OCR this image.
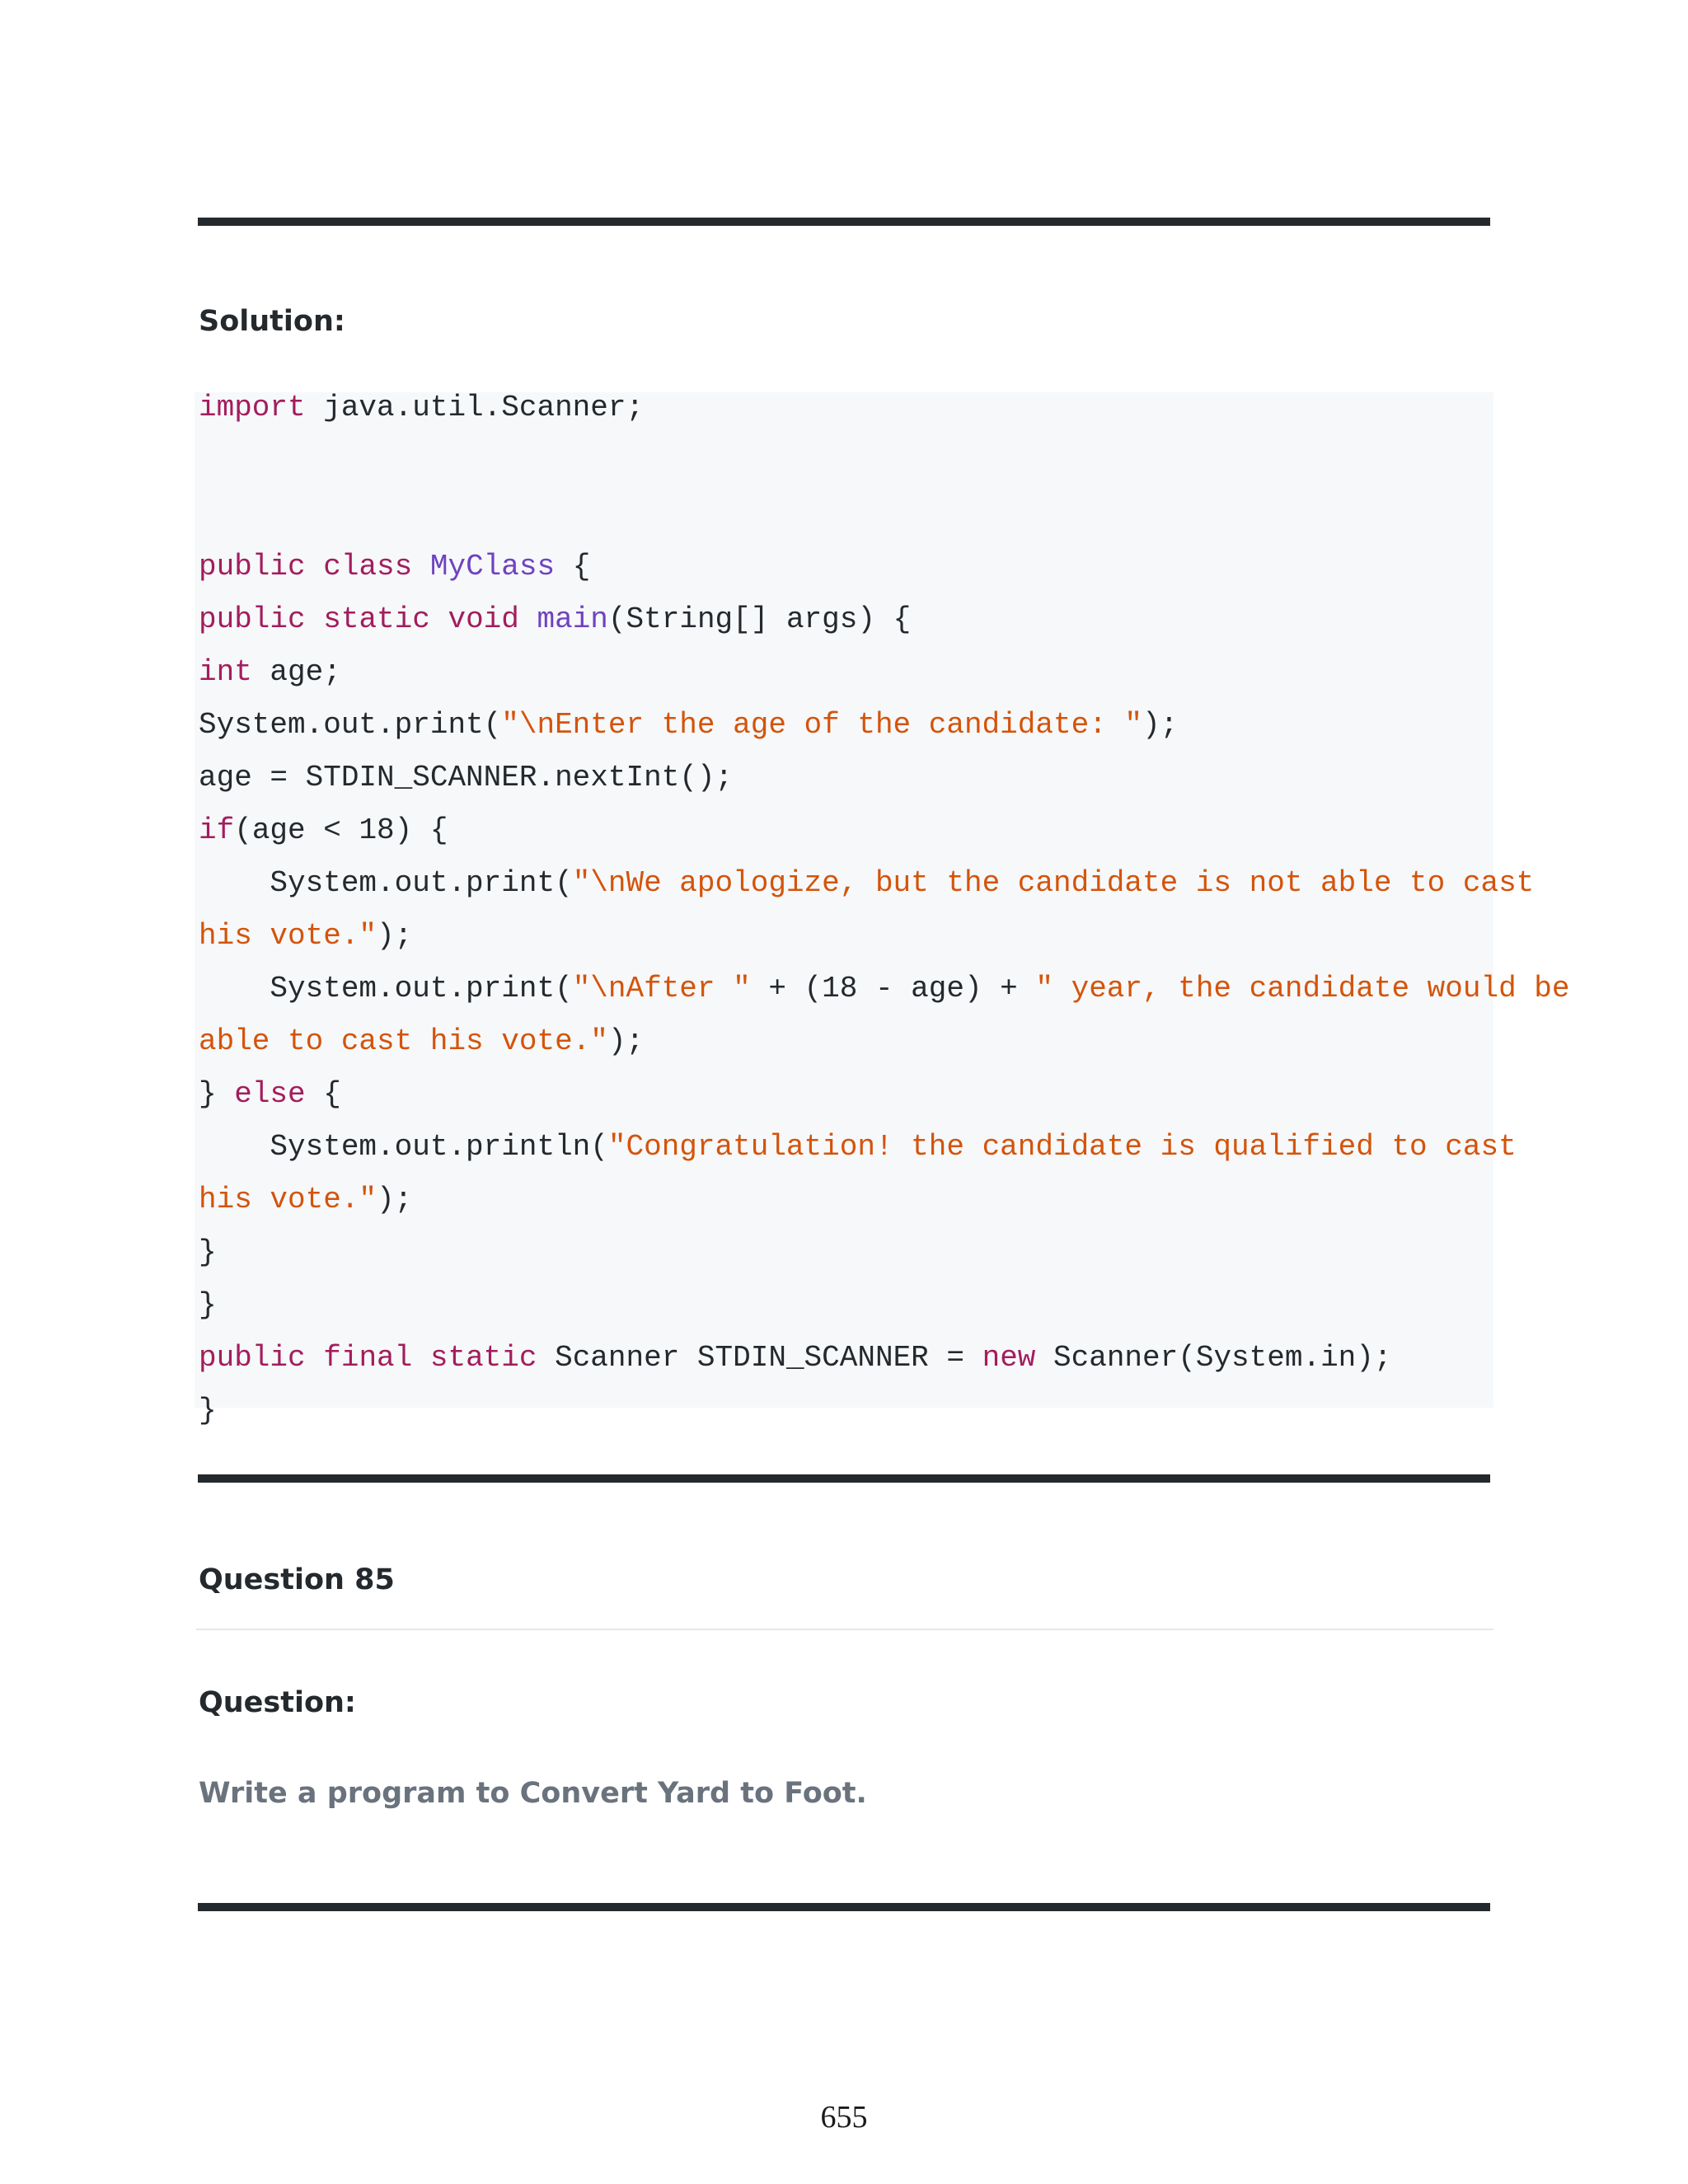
Solution:
import java.util.Scanner;
public class MyClass {
public static void main(String[] args) {
int age;
System.out.print("\nEnter the age of the candidate: ");
age = STDIN_SCANNER.nextInt();
if(age < 18) {
System.out.print("\nWe apologize, but the candidate is not able to cast
his vote.");
System.out.print("\nAfter " + (18 - age) + " year, the candidate would be
able to cast his vote.");
} else {
System.out.println("Congratulation! the candidate is qualified to cast
his vote.");
}
}
public final static Scanner STDIN_SCANNER = new Scanner(System.in);
}
Question 85
Question:
Write a program to Convert Yard to Foot.
655
